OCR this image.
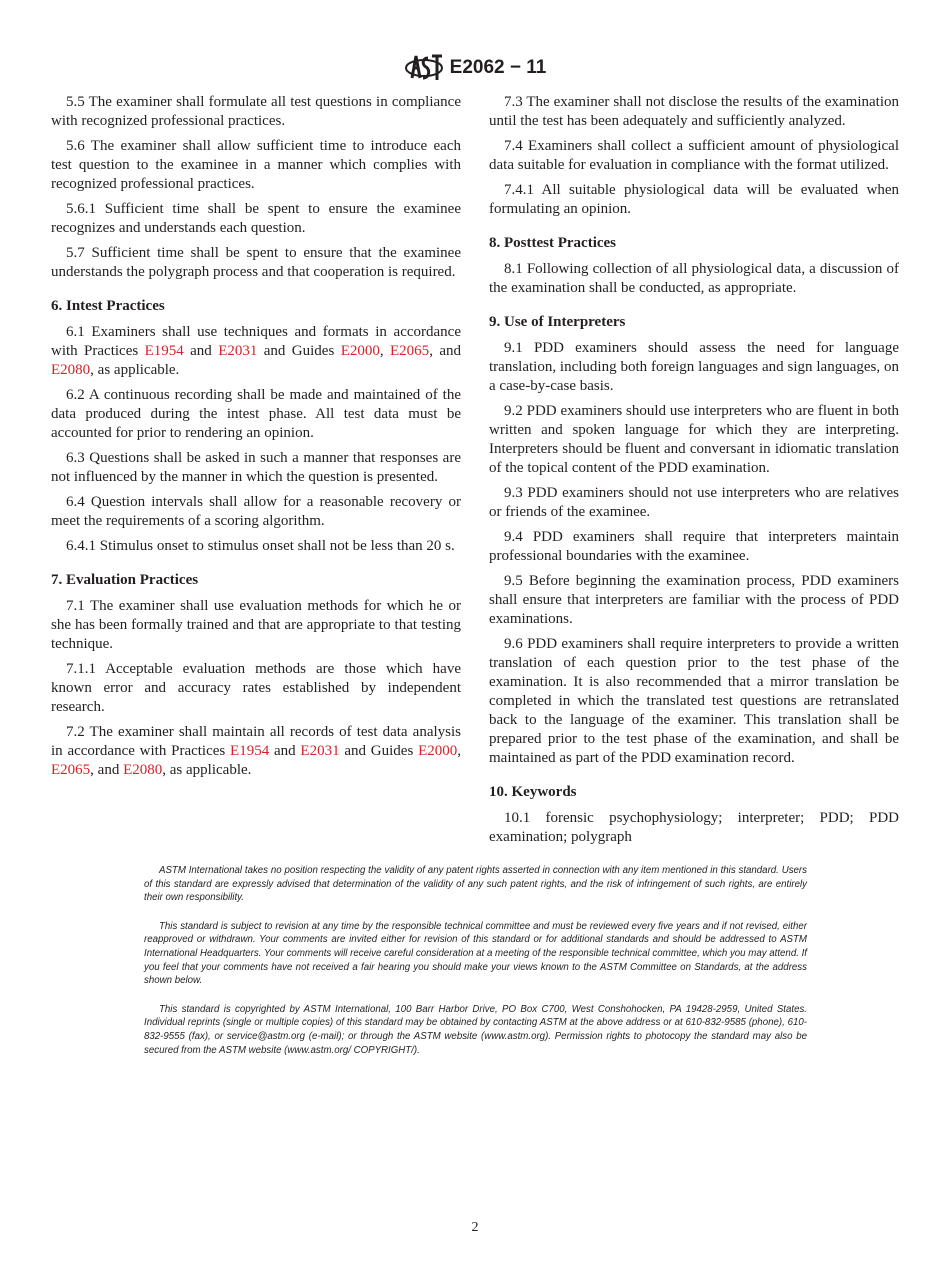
E2062 − 11

5.5 The examiner shall formulate all test questions in compliance with recognized professional practices.

5.6 The examiner shall allow sufficient time to introduce each test question to the examinee in a manner which complies with recognized professional practices.

5.6.1 Sufficient time shall be spent to ensure the examinee recognizes and understands each question.

5.7 Sufficient time shall be spent to ensure that the examinee understands the polygraph process and that cooperation is required.

6. Intest Practices

6.1 Examiners shall use techniques and formats in accordance with Practices E1954 and E2031 and Guides E2000, E2065, and E2080, as applicable.

6.2 A continuous recording shall be made and maintained of the data produced during the intest phase. All test data must be accounted for prior to rendering an opinion.

6.3 Questions shall be asked in such a manner that responses are not influenced by the manner in which the question is presented.

6.4 Question intervals shall allow for a reasonable recovery or meet the requirements of a scoring algorithm.

6.4.1 Stimulus onset to stimulus onset shall not be less than 20 s.

7. Evaluation Practices

7.1 The examiner shall use evaluation methods for which he or she has been formally trained and that are appropriate to that testing technique.

7.1.1 Acceptable evaluation methods are those which have known error and accuracy rates established by independent research.

7.2 The examiner shall maintain all records of test data analysis in accordance with Practices E1954 and E2031 and Guides E2000, E2065, and E2080, as applicable.

7.3 The examiner shall not disclose the results of the examination until the test has been adequately and sufficiently analyzed.

7.4 Examiners shall collect a sufficient amount of physiological data suitable for evaluation in compliance with the format utilized.

7.4.1 All suitable physiological data will be evaluated when formulating an opinion.

8. Posttest Practices

8.1 Following collection of all physiological data, a discussion of the examination shall be conducted, as appropriate.

9. Use of Interpreters

9.1 PDD examiners should assess the need for language translation, including both foreign languages and sign languages, on a case-by-case basis.

9.2 PDD examiners should use interpreters who are fluent in both written and spoken language for which they are interpreting. Interpreters should be fluent and conversant in idiomatic translation of the topical content of the PDD examination.

9.3 PDD examiners should not use interpreters who are relatives or friends of the examinee.

9.4 PDD examiners shall require that interpreters maintain professional boundaries with the examinee.

9.5 Before beginning the examination process, PDD examiners shall ensure that interpreters are familiar with the process of PDD examinations.

9.6 PDD examiners shall require interpreters to provide a written translation of each question prior to the test phase of the examination. It is also recommended that a mirror translation be completed in which the translated test questions are retranslated back to the language of the examiner. This translation shall be prepared prior to the test phase of the examination, and shall be maintained as part of the PDD examination record.

10. Keywords

10.1 forensic psychophysiology; interpreter; PDD; PDD examination; polygraph

ASTM International takes no position respecting the validity of any patent rights asserted in connection with any item mentioned in this standard. Users of this standard are expressly advised that determination of the validity of any such patent rights, and the risk of infringement of such rights, are entirely their own responsibility.

This standard is subject to revision at any time by the responsible technical committee and must be reviewed every five years and if not revised, either reapproved or withdrawn. Your comments are invited either for revision of this standard or for additional standards and should be addressed to ASTM International Headquarters. Your comments will receive careful consideration at a meeting of the responsible technical committee, which you may attend. If you feel that your comments have not received a fair hearing you should make your views known to the ASTM Committee on Standards, at the address shown below.

This standard is copyrighted by ASTM International, 100 Barr Harbor Drive, PO Box C700, West Conshohocken, PA 19428-2959, United States. Individual reprints (single or multiple copies) of this standard may be obtained by contacting ASTM at the above address or at 610-832-9585 (phone), 610-832-9555 (fax), or service@astm.org (e-mail); or through the ASTM website (www.astm.org). Permission rights to photocopy the standard may also be secured from the ASTM website (www.astm.org/ COPYRIGHT/).

2
